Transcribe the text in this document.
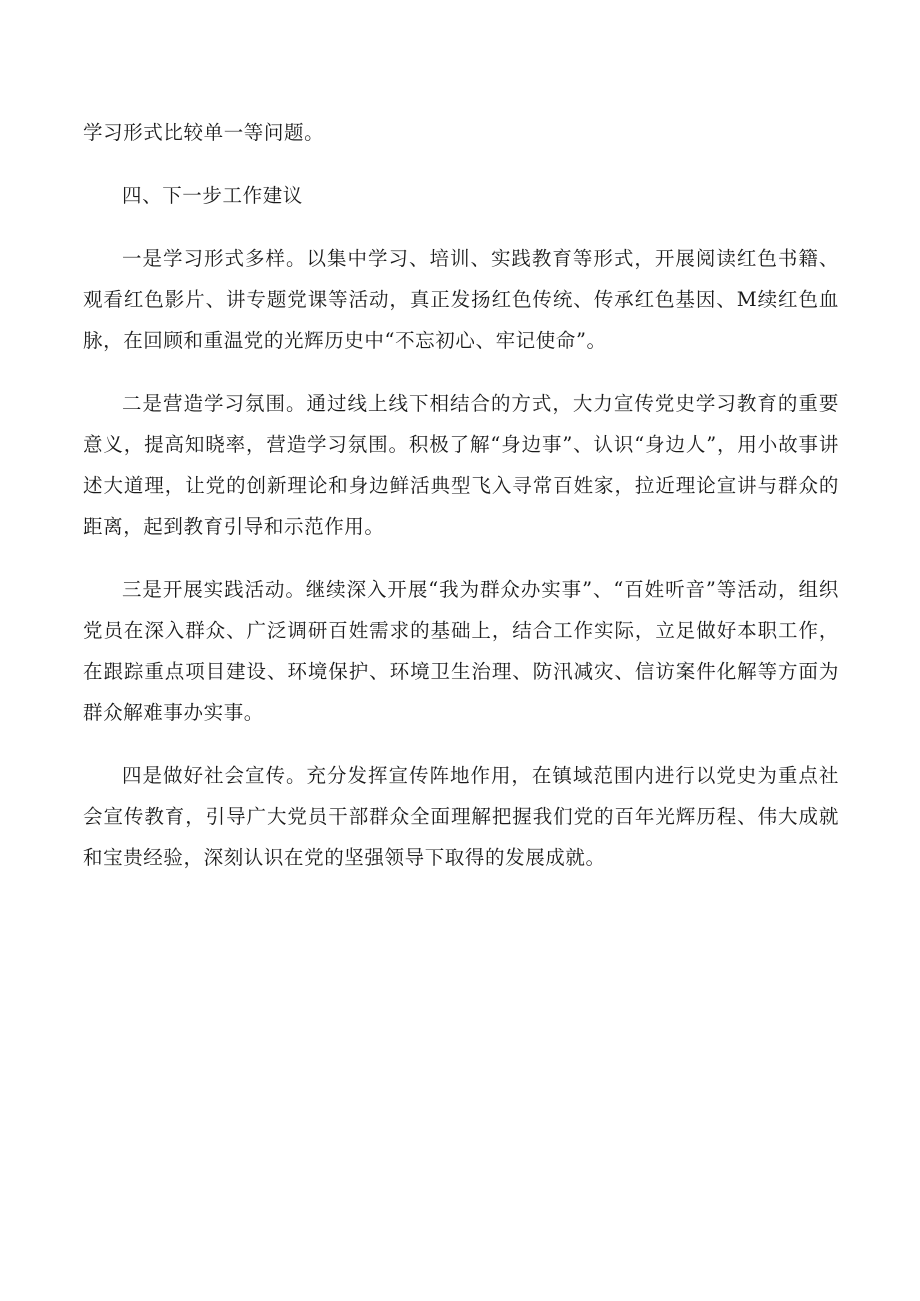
学习形式比较单一等问题。

四、下一步工作建议

一是学习形式多样。以集中学习、培训、实践教育等形式，开展阅读红色书籍、观看红色影片、讲专题党课等活动，真正发扬红色传统、传承红色基因、M续红色血脉，在回顾和重温党的光辉历史中“不忘初心、牢记使命”。

二是营造学习氛围。通过线上线下相结合的方式，大力宣传党史学习教育的重要意义，提高知晓率，营造学习氛围。积极了解“身边事”、认识“身边人”，用小故事讲述大道理，让党的创新理论和身边鲜活典型飞入寻常百姓家，拉近理论宣讲与群众的距离，起到教育引导和示范作用。

三是开展实践活动。继续深入开展“我为群众办实事”、“百姓听音”等活动，组织党员在深入群众、广泛调研百姓需求的基础上，结合工作实际，立足做好本职工作，在跟踪重点项目建设、环境保护、环境卫生治理、防汛减灾、信访案件化解等方面为群众解难事办实事。

四是做好社会宣传。充分发挥宣传阵地作用，在镇域范围内进行以党史为重点社会宣传教育，引导广大党员干部群众全面理解把握我们党的百年光辉历程、伟大成就和宝贵经验，深刻认识在党的坚强领导下取得的发展成就。
